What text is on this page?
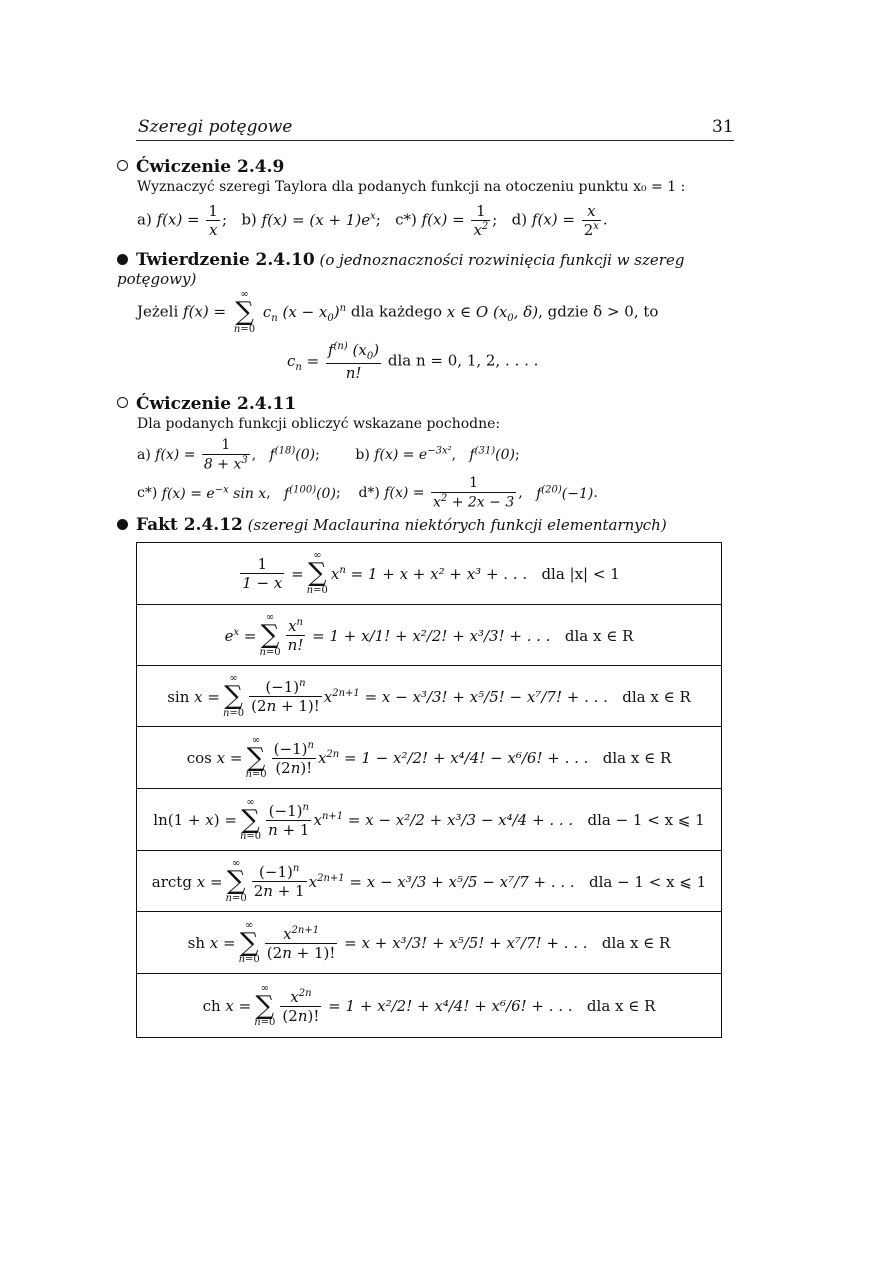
Szeregi potęgowe	31
Ćwiczenie 2.4.9
Wyznaczyć szeregi Taylora dla podanych funkcji na otoczeniu punktu x₀ = 1 :
a) $f(x) = \frac{1}{x}$ ;   b) $f(x) = (x + 1)e^x$;   c*) $f(x) = \frac{1}{x^2}$ ;   d) $f(x) = \frac{x}{2^x}$ .
Twierdzenie 2.4.10 (o jednoznaczności rozwinięcia funkcji w szereg potęgowy)
Jeżeli f(x) =
∞
∑
n=0
$c_n$ $(x - x_0)^n$ dla każdego x ∈ O ($x_0$, δ), gdzie δ > 0, to
$c_n = \frac{f^{(n)} (x_0)}{n!}$ dla n = 0, 1, 2, . . . .
Ćwiczenie 2.4.11
Dla podanych funkcji obliczyć wskazane pochodne:
a) $f(x) = \frac{1}{8 + x^3}$ ,   $f^{(18)}(0)$;        b) $f(x) = e^{-3x^2}$,   $f^{(31)}(0)$;
c*) $f(x) = e^{-x}$ sin x,   $f^{(100)}(0)$;    d*) $f(x) = \frac{1}{x^2 + 2x - 3}$ ,   $f^{(20)}(-1)$.
Fakt 2.4.12 (szeregi Maclaurina niektórych funkcji elementarnych)
$\frac{1}{1 - x}$ =
∞
∑
n=0
$x^n = 1 + x + x^2 + x^3$ + . . .
dla |x| < 1
$e^x$ =
∞
∑
$n=0 \frac{x^n}{n!}$
= 1 + x/1! + x²/2! + x³/3! + . . .
dla x ∈ R
sin x =
∞
∑
$n=0 \frac{(-1)^n}{(2n + 1)!} x^{2n+1} = x - x^3/3$! + x⁵/5! − x⁷/7! + . . .
dla x ∈ R
cos x =
∞
∑
$n=0 \frac{(-1)^n}{(2n)!} x^{2n} = 1 - x^2/2$! + x⁴/4! − x⁶/6! + . . .
dla x ∈ R
ln(1 + x) =
∞
∑
$n=0 \frac{(-1)^n}{n + 1} x^{n+1} = x - x^2/2 + x^3/3 - x^4/4$ + . . .
dla − 1 < x ⩽ 1
arctg x =
∞
∑
$n=0 \frac{(-1)^n}{2n + 1} x^{2n+1} = x - x^3/3 + x^5/5 - x^7/7$ + . . .
dla − 1 < x ⩽ 1
sh x =
∞
∑
$n=0 \frac{x^{2n+1}}{(2n + 1)!}$
= x + x³/3! + x⁵/5! + x⁷/7! + . . .
dla x ∈ R
ch x =
∞
∑
$n=0 \frac{x^{2n}}{(2n)!}$
= 1 + x²/2! + x⁴/4! + x⁶/6! + . . .
dla x ∈ R
